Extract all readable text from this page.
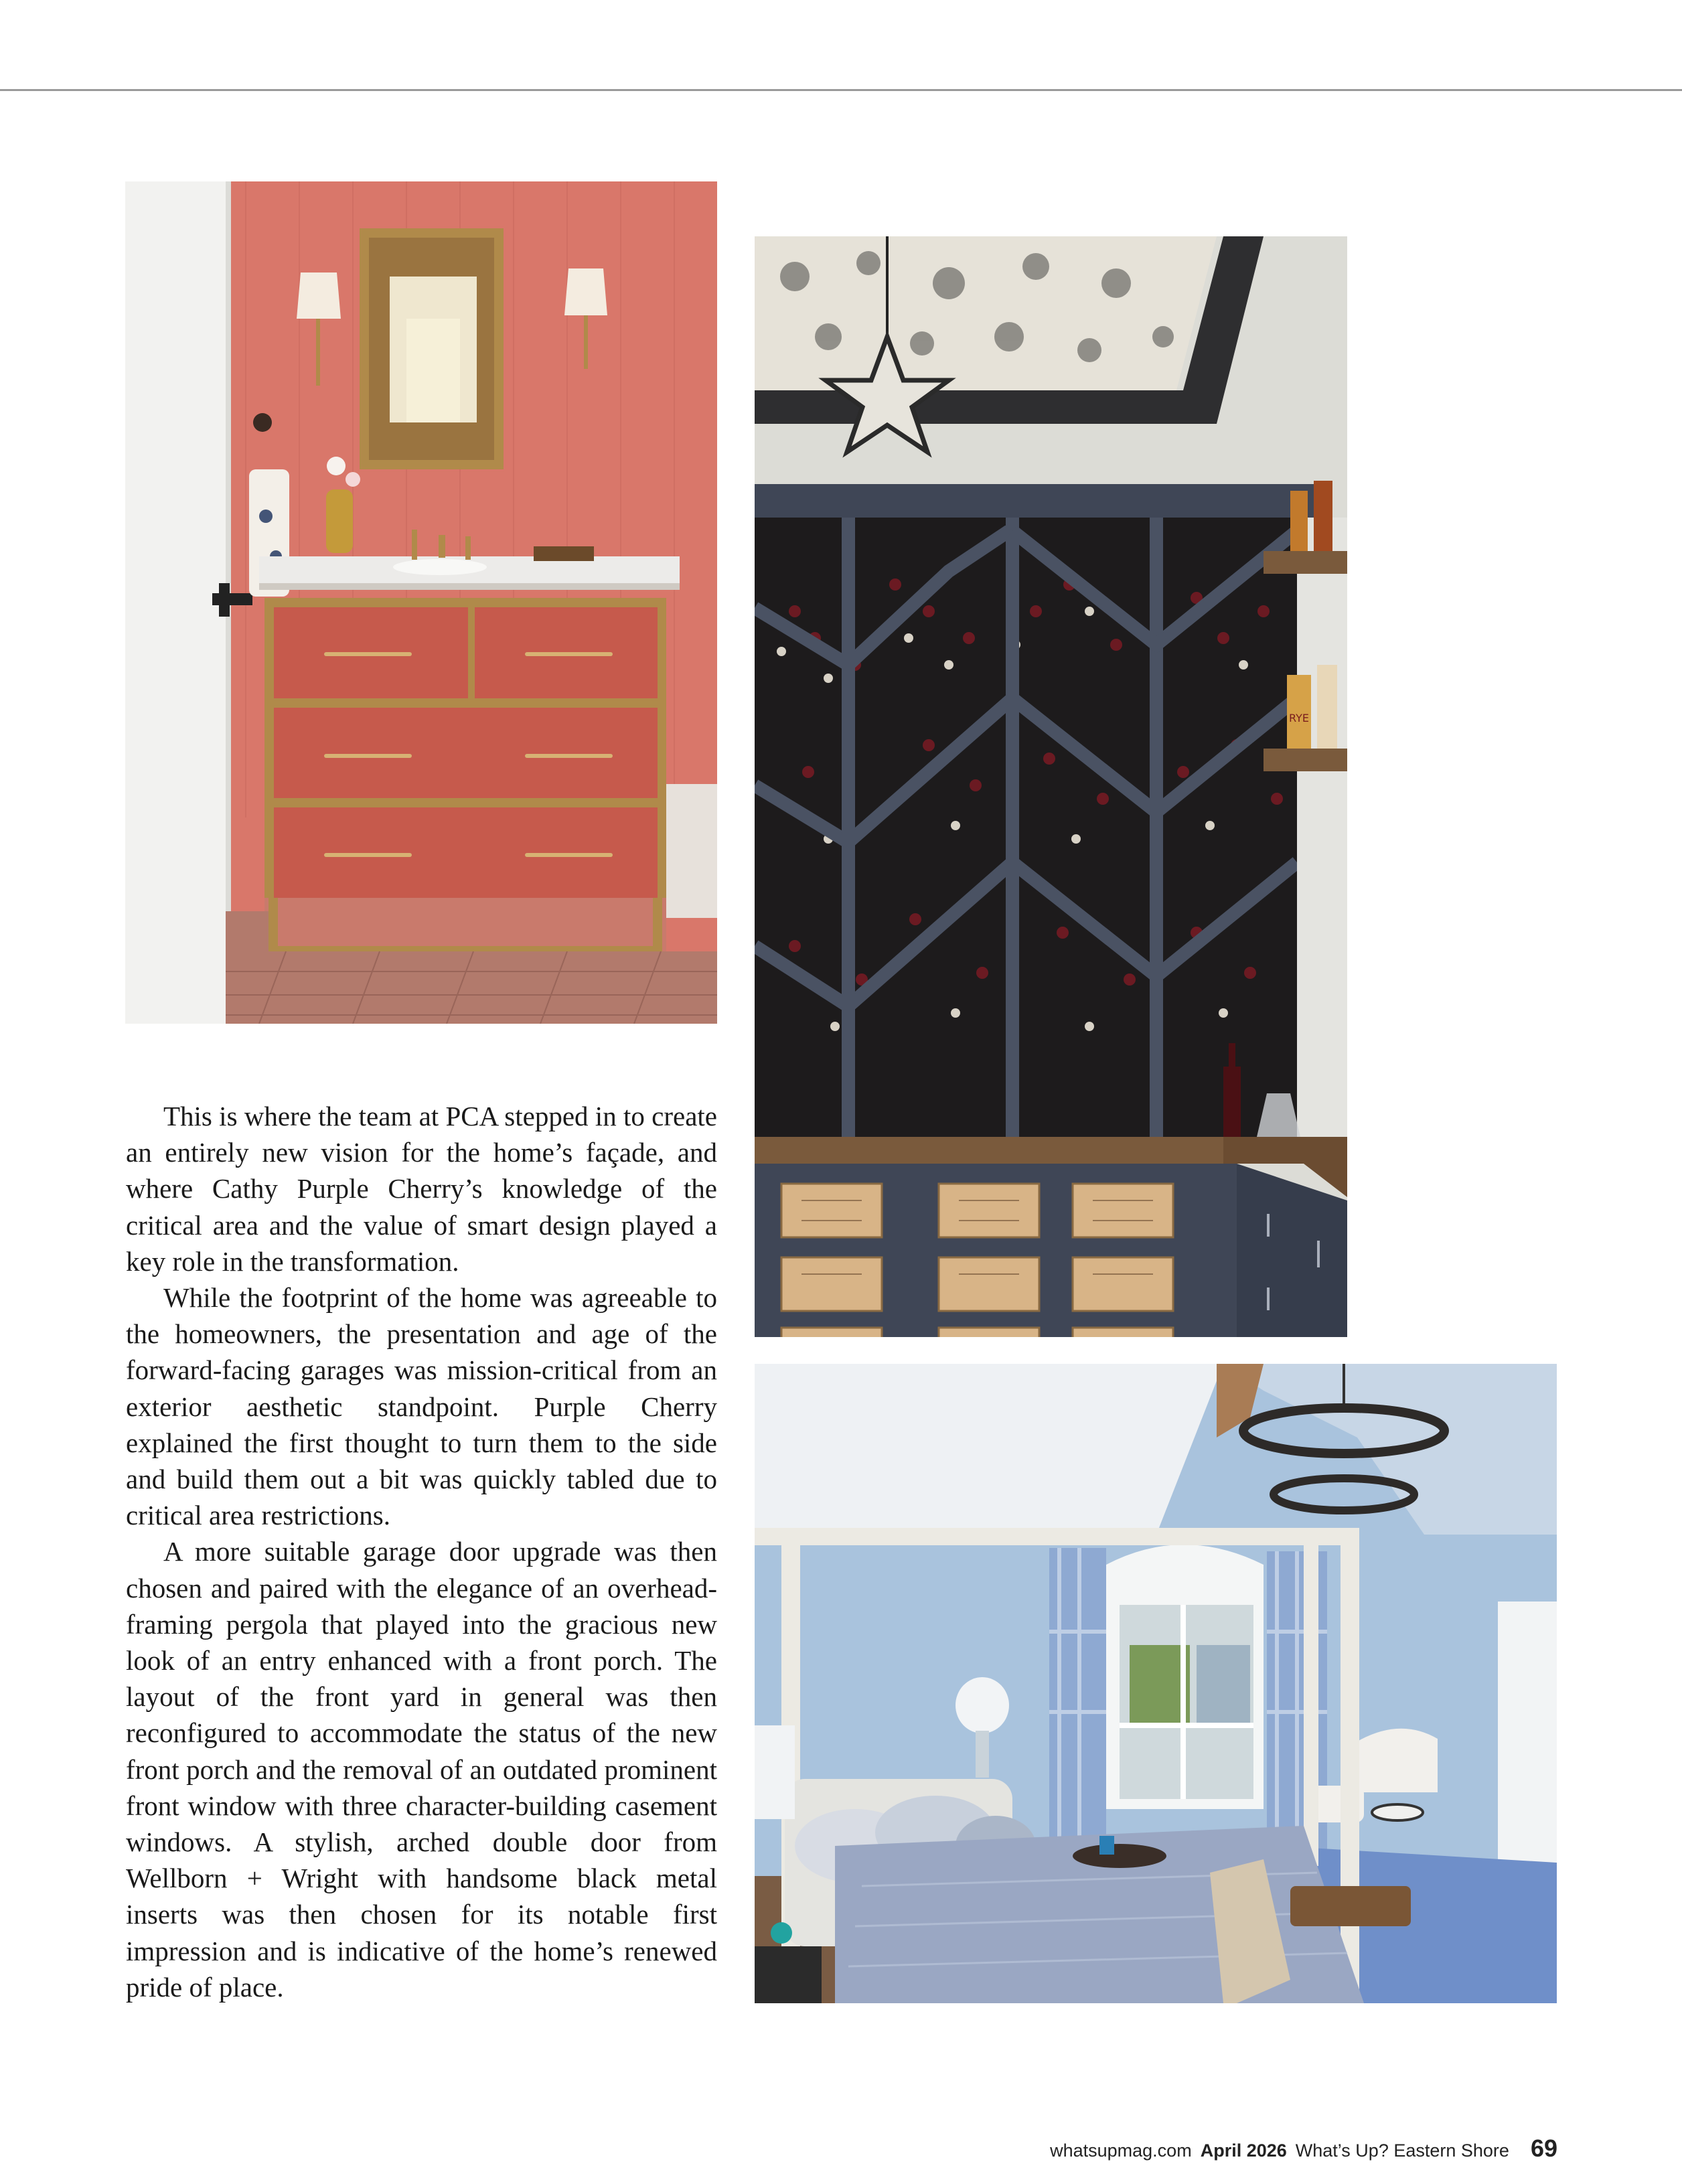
RYE

This is where the team at PCA stepped in to create an entirely new vision for the home’s façade, and where Cathy Purple Cherry’s knowledge of the critical area and the value of smart design played a key role in the transformation.

While the footprint of the home was agreeable to the homeowners, the presentation and age of the forward-facing garages was mission-critical from an exterior aesthetic standpoint. Purple Cherry explained the first thought to turn them to the side and build them out a bit was quickly tabled due to critical area restrictions.

A more suitable garage door upgrade was then chosen and paired with the elegance of an overhead-framing pergola that played into the gracious new look of an entry enhanced with a front porch. The layout of the front yard in general was then reconfigured to accommodate the status of the new front porch and the removal of an outdated prominent front window with three character-building casement windows. A stylish, arched double door from Wellborn + Wright with handsome black metal inserts was then chosen for its notable first impression and is indicative of the home’s renewed pride of place.

whatsupmag.com April 2026 What’s Up? Eastern Shore 69
